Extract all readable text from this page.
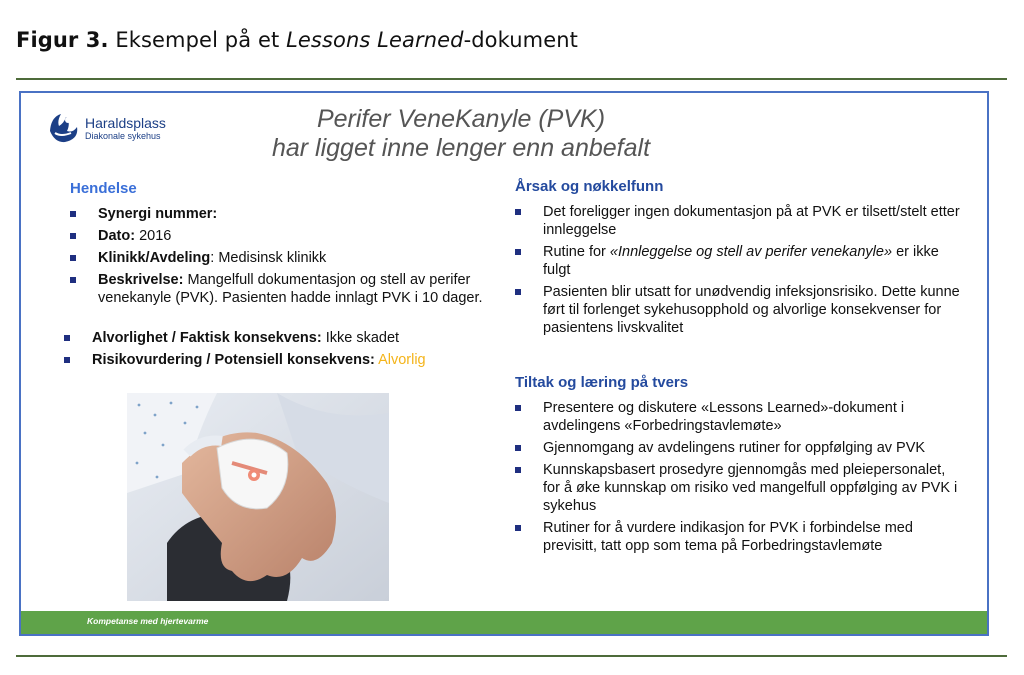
Figur 3. Eksempel på et Lessons Learned-dokument
Haraldsplass
Diakonale sykehus
Perifer VeneKanyle (PVK)
har ligget inne lenger enn anbefalt
Hendelse
Synergi nummer:
Dato: 2016
Klinikk/Avdeling: Medisinsk klinikk
Beskrivelse: Mangelfull dokumentasjon og stell av perifer venekanyle (PVK). Pasienten hadde innlagt PVK i 10 dager.
Alvorlighet / Faktisk konsekvens: Ikke skadet
Risikovurdering / Potensiell konsekvens: Alvorlig
Årsak og nøkkelfunn
Det foreligger ingen dokumentasjon på at PVK er tilsett/stelt etter innleggelse
Rutine for «Innleggelse og stell av perifer venekanyle» er ikke fulgt
Pasienten blir utsatt for unødvendig infeksjonsrisiko. Dette kunne ført til forlenget sykehusopphold og alvorlige konsekvenser for pasientens livskvalitet
Tiltak og læring på tvers
Presentere og diskutere «Lessons Learned»-dokument i avdelingens «Forbedringstavlemøte»
Gjennomgang av avdelingens rutiner for oppfølging av PVK
Kunnskapsbasert prosedyre gjennomgås med pleiepersonalet, for å øke kunnskap om risiko ved mangelfull oppfølging av PVK i sykehus
Rutiner for å vurdere indikasjon for PVK i forbindelse med previsitt, tatt opp som tema på Forbedringstavlemøte
Kompetanse med hjertevarme
